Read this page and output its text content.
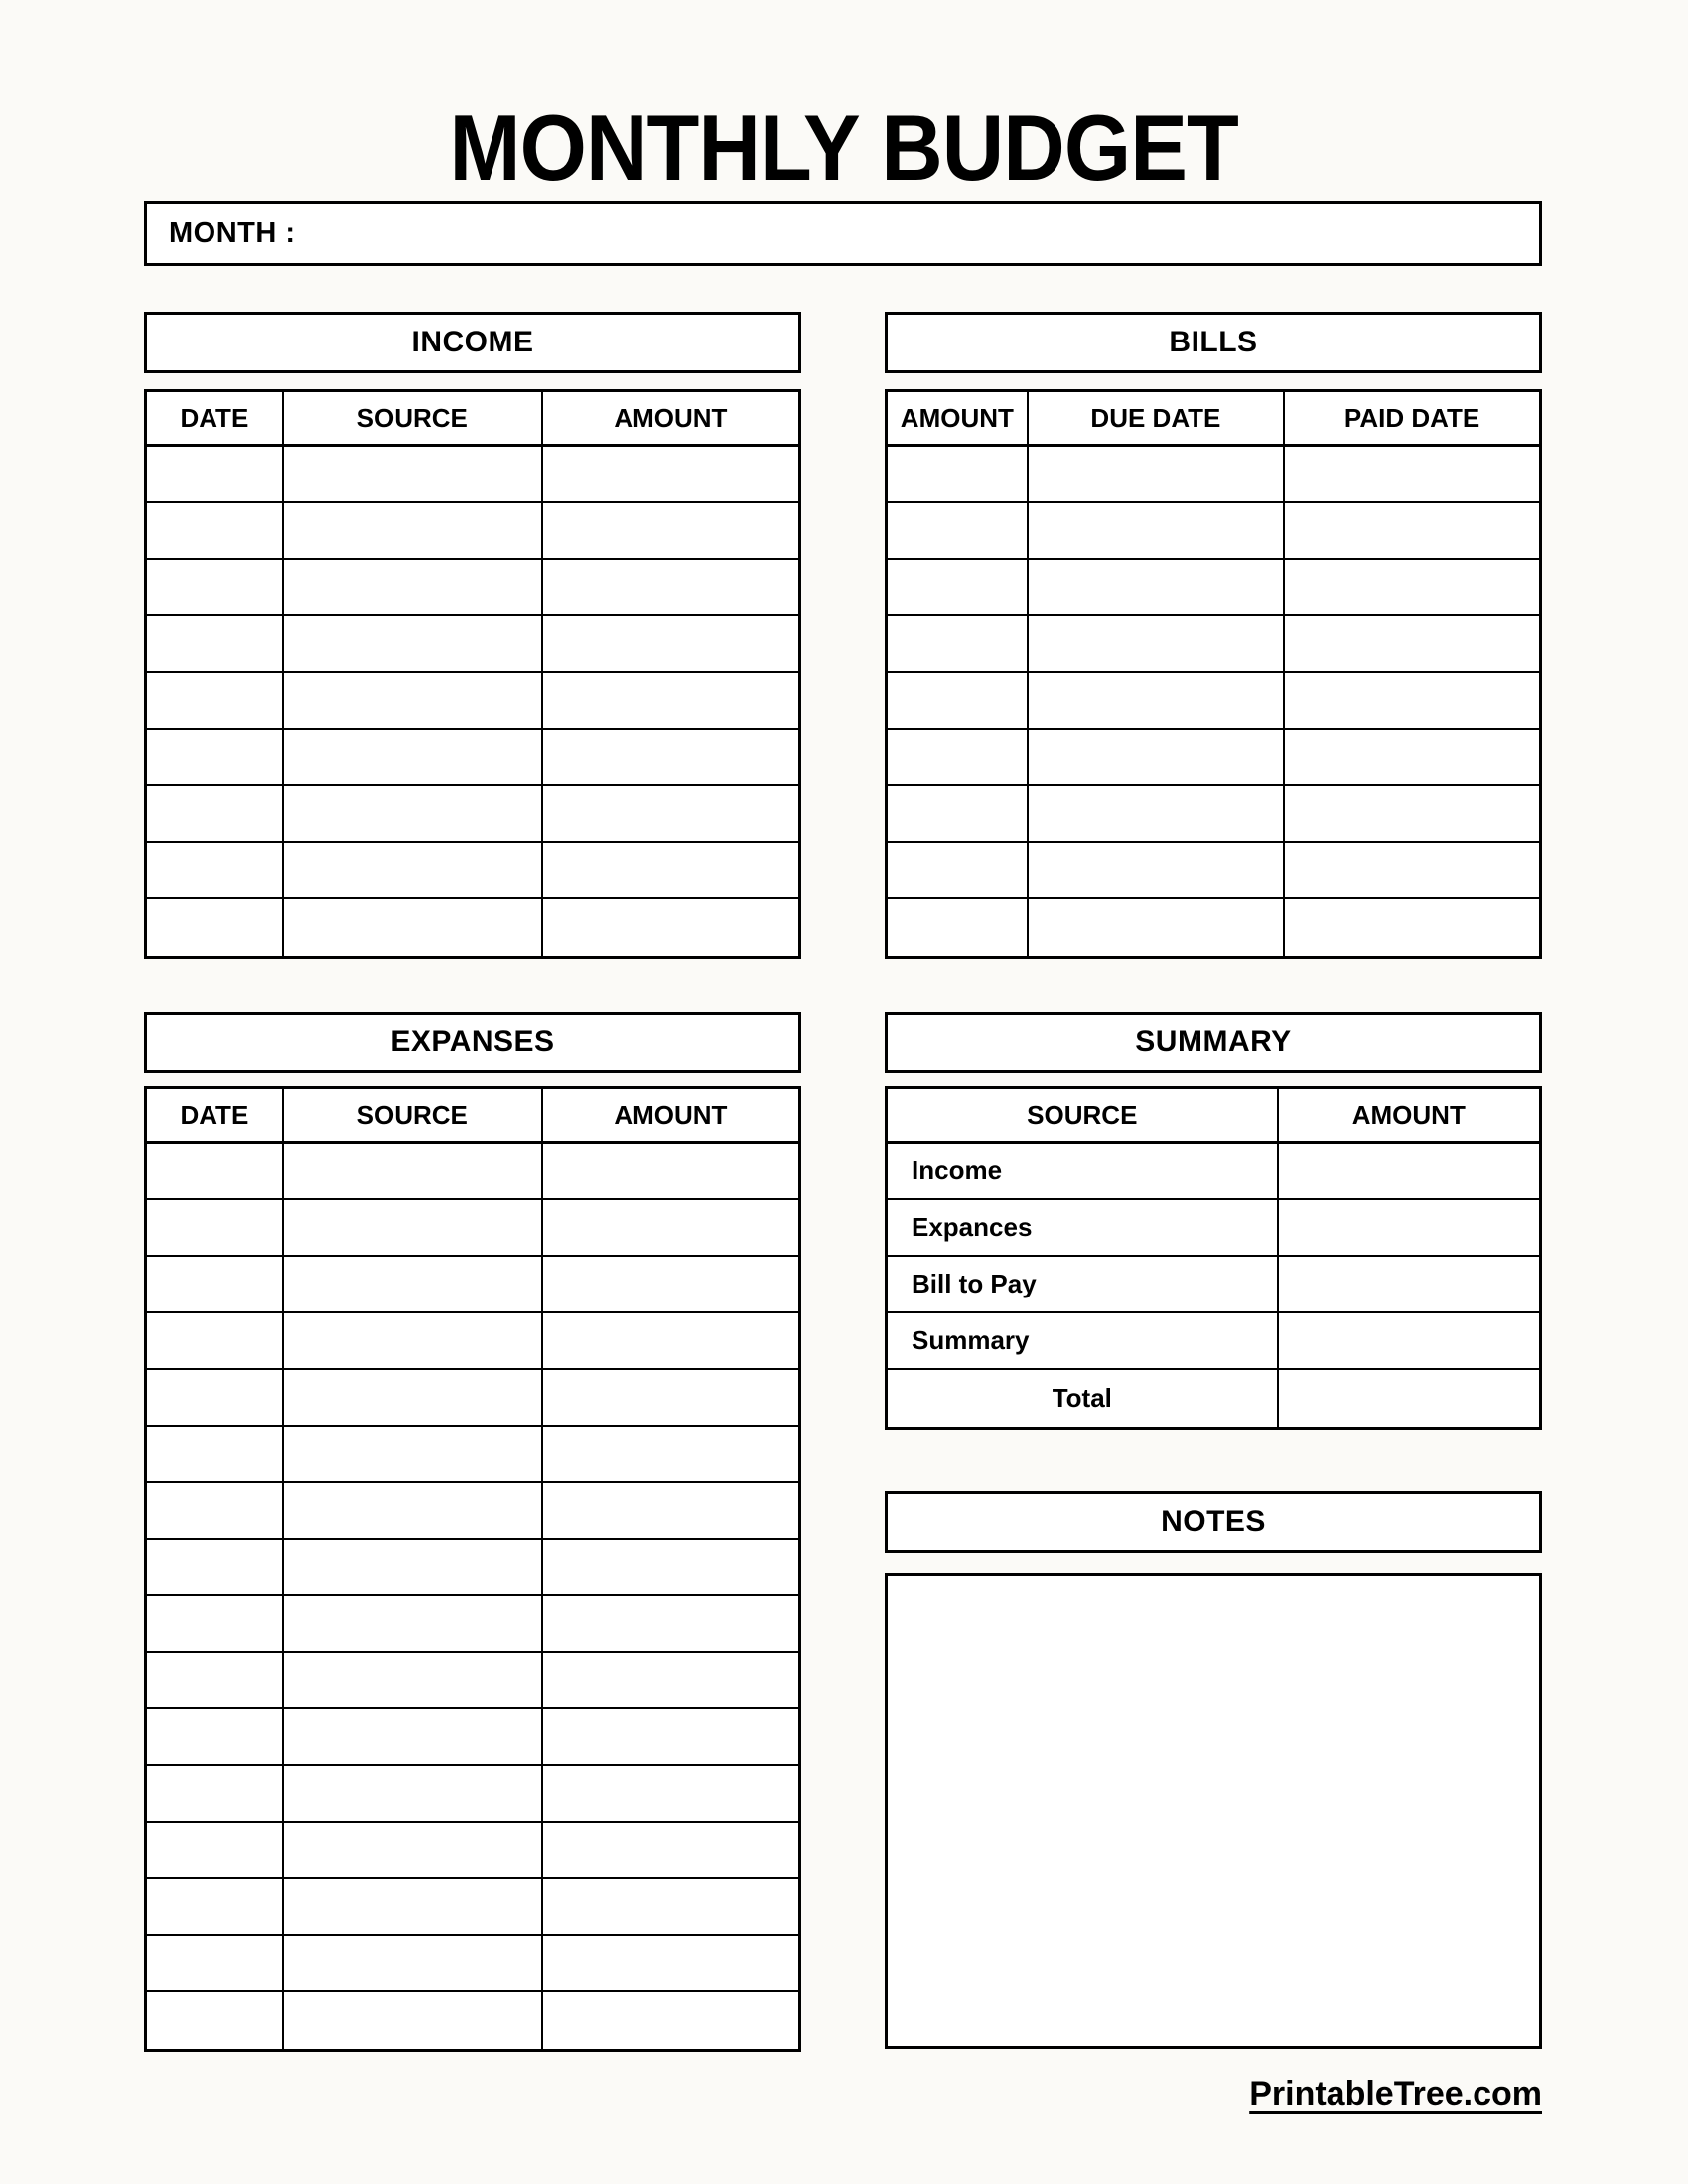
MONTHLY BUDGET
MONTH :
INCOME
DATE	SOURCE	AMOUNT
BILLS
AMOUNT	DUE DATE	PAID DATE
EXPANSES
DATE	SOURCE	AMOUNT
SUMMARY
SOURCE	AMOUNT
Income
Expances
Bill to Pay
Summary
Total
NOTES
PrintableTree.com
